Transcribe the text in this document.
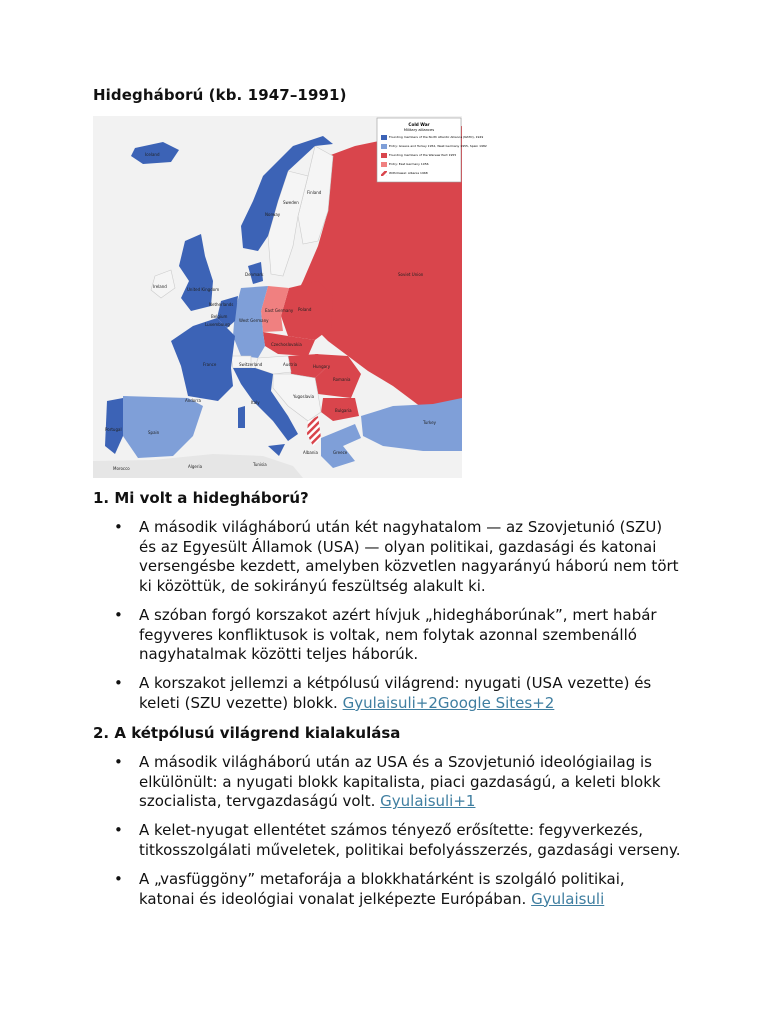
Hidegháború (kb. 1947–1991)
Cold War
Military alliances
Founding members of the North Atlantic Alliance (NATO), 1949
Entry: Greece and Turkey 1952, West Germany 1955, Spain 1982
Founding members of the Warsaw Pact 1955
Entry: East Germany 1956
Withdrawal: Albania 1968
Iceland
Norway
Sweden
Finland
Soviet Union
United Kingdom
Ireland
Denmark
Netherlands
Belgium
Luxembourg
West Germany
East Germany Poland
Czechoslovakia
Austria
Switzerland	Hungary
Romania
Yugoslavia
Bulgaria
Albania
Italy
France
Spain
Portugal
Greece
Turkey
Morocco	Algeria	Tunisia
Andorra
1. Mi volt a hidegháború?
• A második világháború után két nagyhatalom — az Szovjetunió (SZU) és az Egyesült Államok (USA) — olyan politikai, gazdasági és katonai versengésbe kezdett, amelyben közvetlen nagyarányú háború nem tört ki közöttük, de sokirányú feszültség alakult ki.
• A szóban forgó korszakot azért hívjuk „hidegháborúnak”, mert habár fegyveres konfliktusok is voltak, nem folytak azonnal szembenálló nagyhatalmak közötti teljes háborúk.
• A korszakot jellemzi a kétpólusú világrend: nyugati (USA vezette) és keleti (SZU vezette) blokk. Gyulaisuli+2Google Sites+2
2. A kétpólusú világrend kialakulása
• A második világháború után az USA és a Szovjetunió ideológiailag is elkülönült: a nyugati blokk kapitalista, piaci gazdaságú, a keleti blokk szocialista, tervgazdaságú volt. Gyulaisuli+1
• A kelet-nyugat ellentétet számos tényező erősítette: fegyverkezés, titkosszolgálati műveletek, politikai befolyásszerzés, gazdasági verseny.
• A „vasfüggöny” metaforája a blokkhatárként is szolgáló politikai, katonai és ideológiai vonalat jelképezte Európában. Gyulaisuli
